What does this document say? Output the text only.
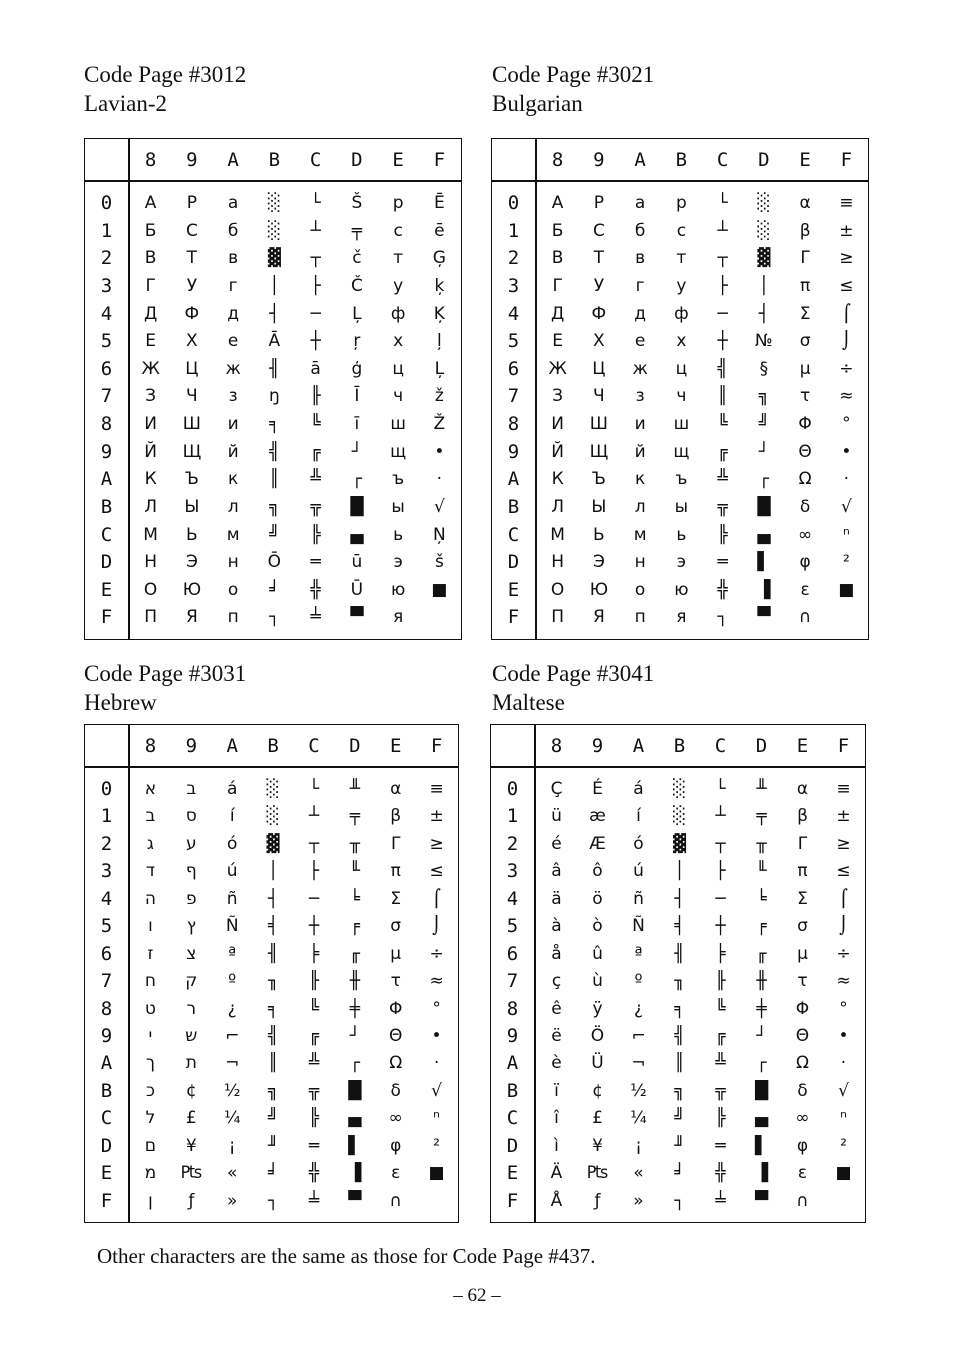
Code Page #3012
Lavian-2
8	9	A	B	C	D	E	F
0	А	Р	а	░	└	Š	р	Ē
1	Б	С	б	░	┴	╤	с	ē
2	В	Т	в	▓	┬	č	т	Ģ
3	Г	У	г	│	├	Č	у	ķ
4	Д	Ф	д	┤	─	Ļ	ф	Ķ
5	Е	Х	е	Ā	┼	ŗ	х	ļ
6	Ж	Ц	ж	╢	ā	ģ	ц	Ļ
7	З	Ч	з	ŋ	╟	Ī	ч	ž
8	И	Ш	и	╕	╚	ī	ш	Ž
9	Й	Щ	й	╣	╔	┘	щ	•
A	К	Ъ	к	║	╩	┌	ъ	·
B	Л	Ы	л	╗	╦	█	ы	√
C	М	Ь	м	╝	╠	▄	ь	Ņ
D	Н	Э	н	Ō	═	ū	э	š
E	О	Ю	о	╛	╬	Ū	ю	■
F	П	Я	п	┐	╧	▀	я
Code Page #3021
Bulgarian
8	9	A	B	C	D	E	F
0	А	Р	а	р	└	░	α	≡
1	Б	С	б	с	┴	░	β	±
2	В	Т	в	т	┬	▓	Γ	≥
3	Г	У	г	у	├	│	π	≤
4	Д	Ф	д	ф	─	┤	Σ	⌠
5	Е	Х	е	х	┼	№	σ	⌡
6	Ж	Ц	ж	ц	╣	§	µ	÷
7	З	Ч	з	ч	║	╗	τ	≈
8	И	Ш	и	ш	╚	╝	Φ	°
9	Й	Щ	й	щ	╔	┘	Θ	•
A	К	Ъ	к	ъ	╩	┌	Ω	·
B	Л	Ы	л	ы	╦	█	δ	√
C	М	Ь	м	ь	╠	▄	∞	ⁿ
D	Н	Э	н	э	═	▌	φ	²
E	О	Ю	о	ю	╬	▐	ε	■
F	П	Я	п	я	┐	▀	∩
Code Page #3031
Hebrew
8	9	A	B	C	D	E	F
0	א	ב	á	░	└	╨	α	≡
1	ב	ס	í	░	┴	╤	β	±
2	ג	ע	ó	▓	┬	╥	Γ	≥
3	ד	ף	ú	│	├	╙	π	≤
4	ה	פ	ñ	┤	─	╘	Σ	⌠
5	ו	ץ	Ñ	╡	┼	╒	σ	⌡
6	ז	צ	ª	╢	╞	╓	µ	÷
7	ח	ק	º	╖	╟	╫	τ	≈
8	ט	ר	¿	╕	╚	╪	Φ	°
9	י	ש	⌐	╣	╔	┘	Θ	•
A	ך	ת	¬	║	╩	┌	Ω	·
B	כ	¢	½	╗	╦	█	δ	√
C	ל	£	¼	╝	╠	▄	∞	ⁿ
D	ם	¥	¡	╜	═	▌	φ	²
E	מ	₧	«	╛	╬	▐	ε	■
F	ן	ƒ	»	┐	╧	▀	∩
Code Page #3041
Maltese
8	9	A	B	C	D	E	F
0	Ç	É	á	░	└	╨	α	≡
1	ü	æ	í	░	┴	╤	β	±
2	é	Æ	ó	▓	┬	╥	Γ	≥
3	â	ô	ú	│	├	╙	π	≤
4	ä	ö	ñ	┤	─	╘	Σ	⌠
5	à	ò	Ñ	╡	┼	╒	σ	⌡
6	å	û	ª	╢	╞	╓	µ	÷
7	ç	ù	º	╖	╟	╫	τ	≈
8	ê	ÿ	¿	╕	╚	╪	Φ	°
9	ë	Ö	⌐	╣	╔	┘	Θ	•
A	è	Ü	¬	║	╩	┌	Ω	·
B	ï	¢	½	╗	╦	█	δ	√
C	î	£	¼	╝	╠	▄	∞	ⁿ
D	ì	¥	¡	╜	═	▌	φ	²
E	Ä	₧	«	╛	╬	▐	ε	■
F	Å	ƒ	»	┐	╧	▀	∩
Other characters are the same as those for Code Page #437.
– 62 –
